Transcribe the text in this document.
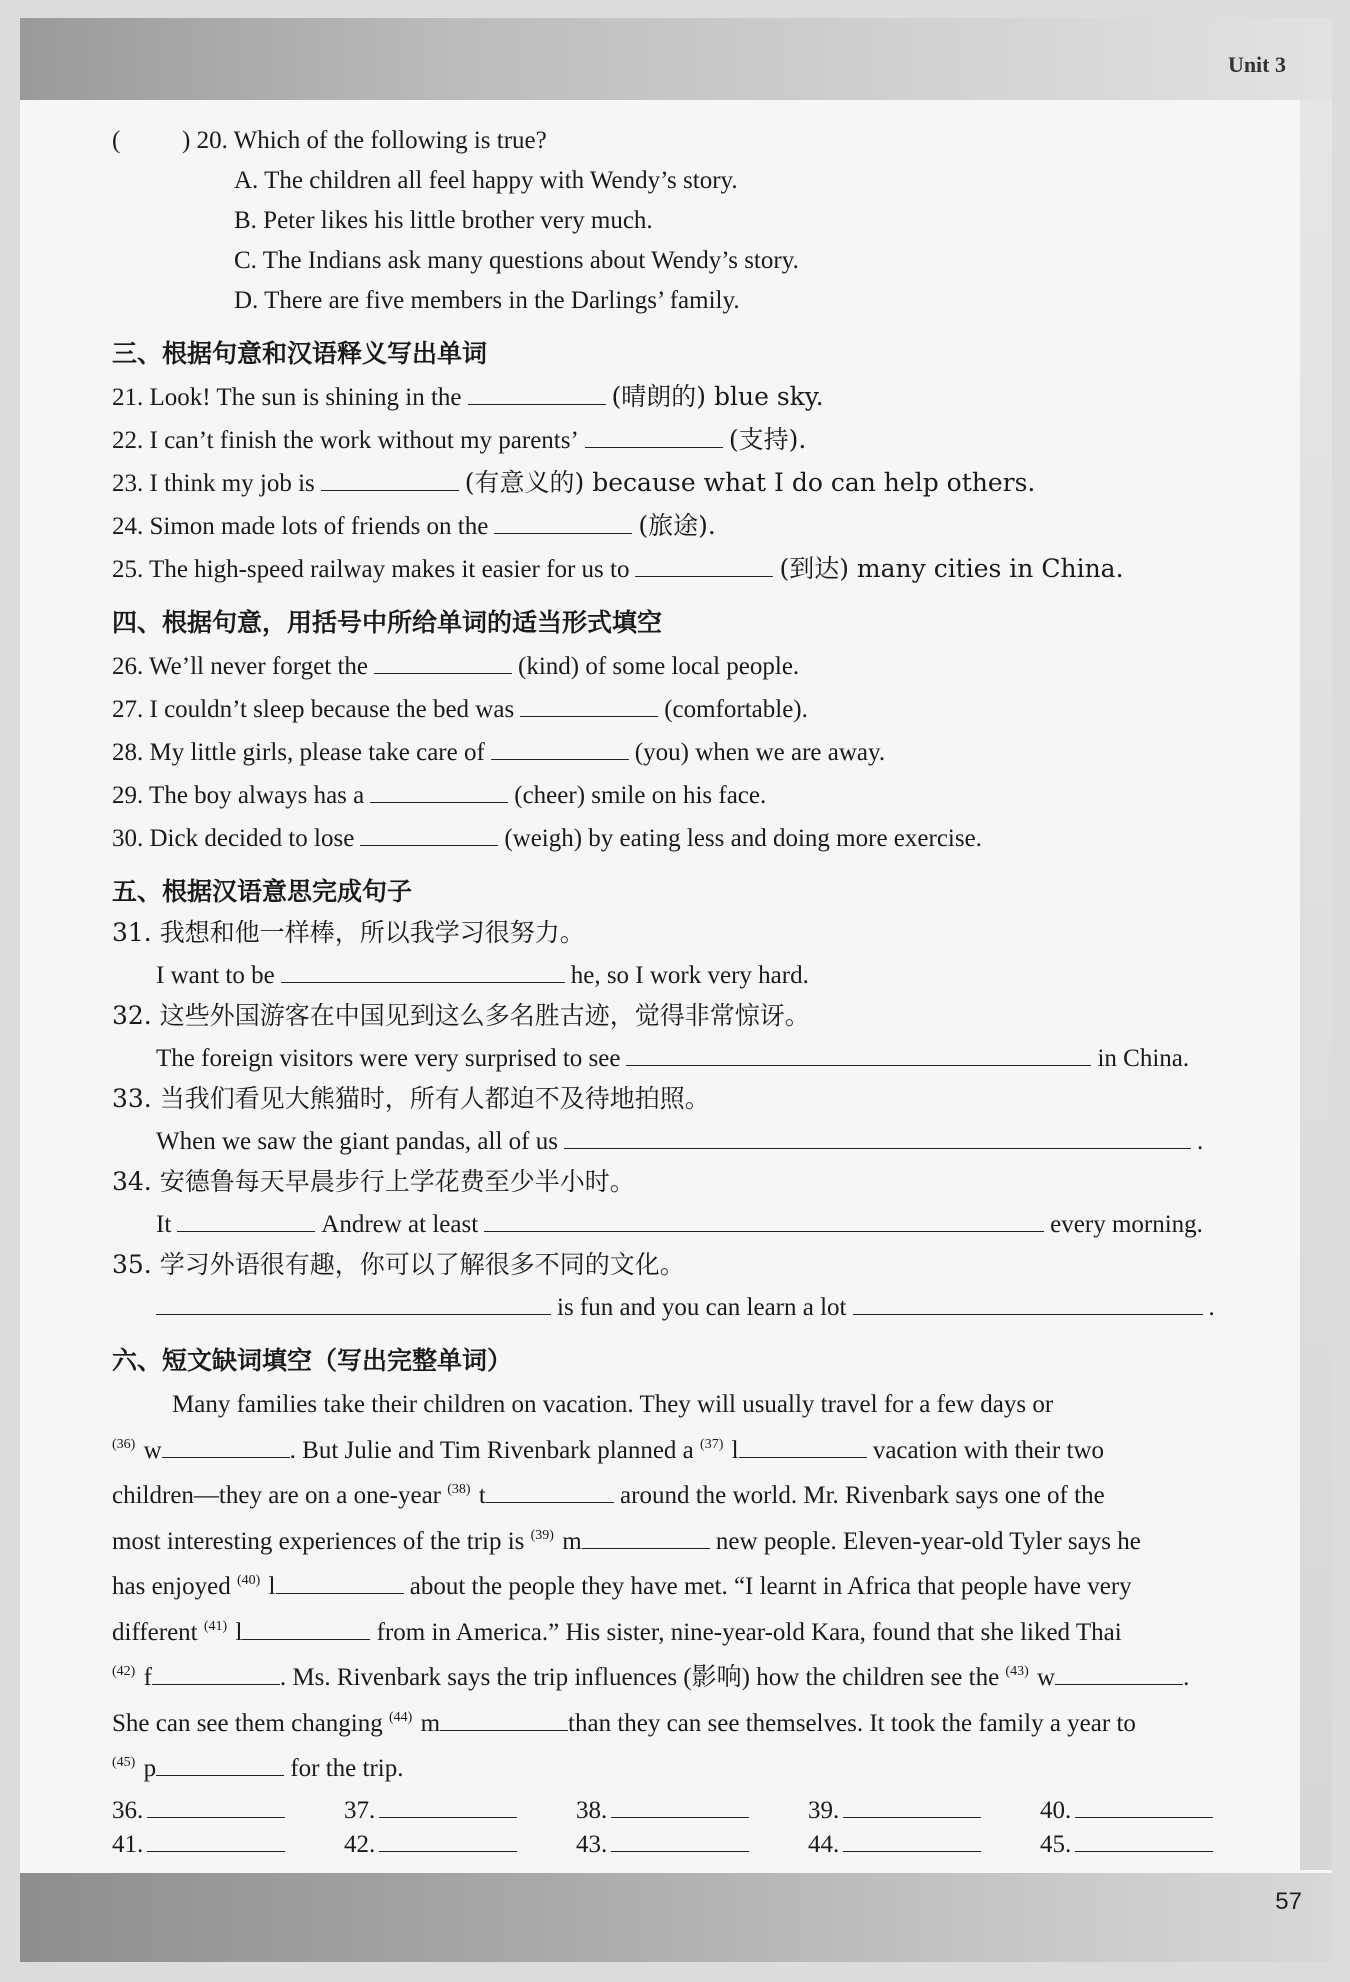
Unit 3
57
(	) 20. Which of the following is true?
A. The children all feel happy with Wendy’s story.
B. Peter likes his little brother very much.
C. The Indians ask many questions about Wendy’s story.
D. There are five members in the Darlings’ family.
三、根据句意和汉语释义写出单词
21. Look! The sun is shining in the	(晴朗的) blue sky.
22. I can’t finish the work without my parents’	(支持).
23. I think my job is	(有意义的) because what I do can help others.
24. Simon made lots of friends on the	(旅途).
25. The high-speed railway makes it easier for us to	(到达) many cities in China.
四、根据句意，用括号中所给单词的适当形式填空
26. We’ll never forget the	(kind) of some local people.
27. I couldn’t sleep because the bed was	(comfortable).
28. My little girls, please take care of	(you) when we are away.
29. The boy always has a	(cheer) smile on his face.
30. Dick decided to lose	(weigh) by eating less and doing more exercise.
五、根据汉语意思完成句子
31. 我想和他一样棒，所以我学习很努力。
I want to be	he, so I work very hard.
32. 这些外国游客在中国见到这么多名胜古迹，觉得非常惊讶。
The foreign visitors were very surprised to see	in China.
33. 当我们看见大熊猫时，所有人都迫不及待地拍照。
When we saw the giant pandas, all of us	.
34. 安德鲁每天早晨步行上学花费至少半小时。
It	Andrew at least	every morning.
35. 学习外语很有趣，你可以了解很多不同的文化。
is fun and you can learn a lot	.
六、短文缺词填空（写出完整单词）

Many families take their children on vacation. They will usually travel for a few days or

$^{(36)}$ w	. But Julie and Tim Rivenbark planned a $^{(37)}$ l	vacation with their two

children—they are on a one-year $^{(38)}$ t	around the world. Mr. Rivenbark says one of the

most interesting experiences of the trip is $^{(39)}$ m	new people. Eleven-year-old Tyler says he

has enjoyed $^{(40)}$ l	about the people they have met. “I learnt in Africa that people have very

different $^{(41)}$ l	from in America.” His sister, nine-year-old Kara, found that she liked Thai

$^{(42)}$ f	. Ms. Rivenbark says the trip influences (影响) how the children see the $^{(43)}$ w	.

She can see them changing $^{(44)}$ m	than they can see themselves. It took the family a year to

$^{(45)}$ p	for the trip.

36.	37.	38.	39.	40.
41.	42.	43.	44.	45.
